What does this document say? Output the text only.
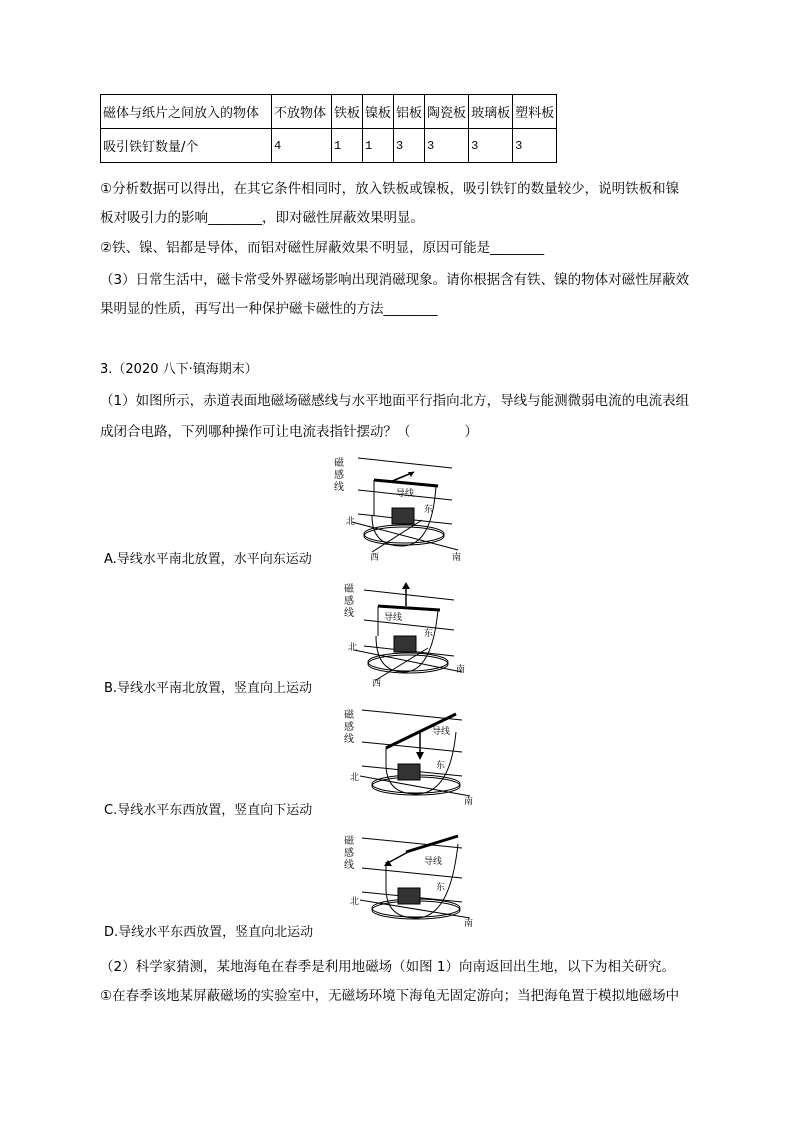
磁体与纸片之间放入的物体	不放物体	铁板	镍板	铝板	陶瓷板	玻璃板	塑料板
吸引铁钉数量/个	4	1	1	3	3	3	3
①分析数据可以得出，在其它条件相同时，放入铁板或镍板，吸引铁钉的数量较少，说明铁板和镍
板对吸引力的影响________，即对磁性屏蔽效果明显。
②铁、镍、铝都是导体，而铝对磁性屏蔽效果不明显，原因可能是________
（3）日常生活中，磁卡常受外界磁场影响出现消磁现象。请你根据含有铁、镍的物体对磁性屏蔽效
果明显的性质，再写出一种保护磁卡磁性的方法________
3.（2020 八下·镇海期末）
（1）如图所示，赤道表面地磁场磁感线与水平地面平行指向北方，导线与能测微弱电流的电流表组
成闭合电路，下列哪种操作可让电流表指针摆动？（　　　　）
磁
感
线
导线
东
北
南
西
A.导线水平南北放置，水平向东运动
磁
感
线	导线
东
北
南
西
B.导线水平南北放置，竖直向上运动
磁
感
线
导线
东
北
南
C.导线水平东西放置，竖直向下运动
磁
感
线	导线
东
北
南
D.导线水平东西放置，竖直向北运动
（2）科学家猜测，某地海龟在春季是利用地磁场（如图 1）向南返回出生地，以下为相关研究。
①在春季该地某屏蔽磁场的实验室中，无磁场环境下海龟无固定游向；当把海龟置于模拟地磁场中
